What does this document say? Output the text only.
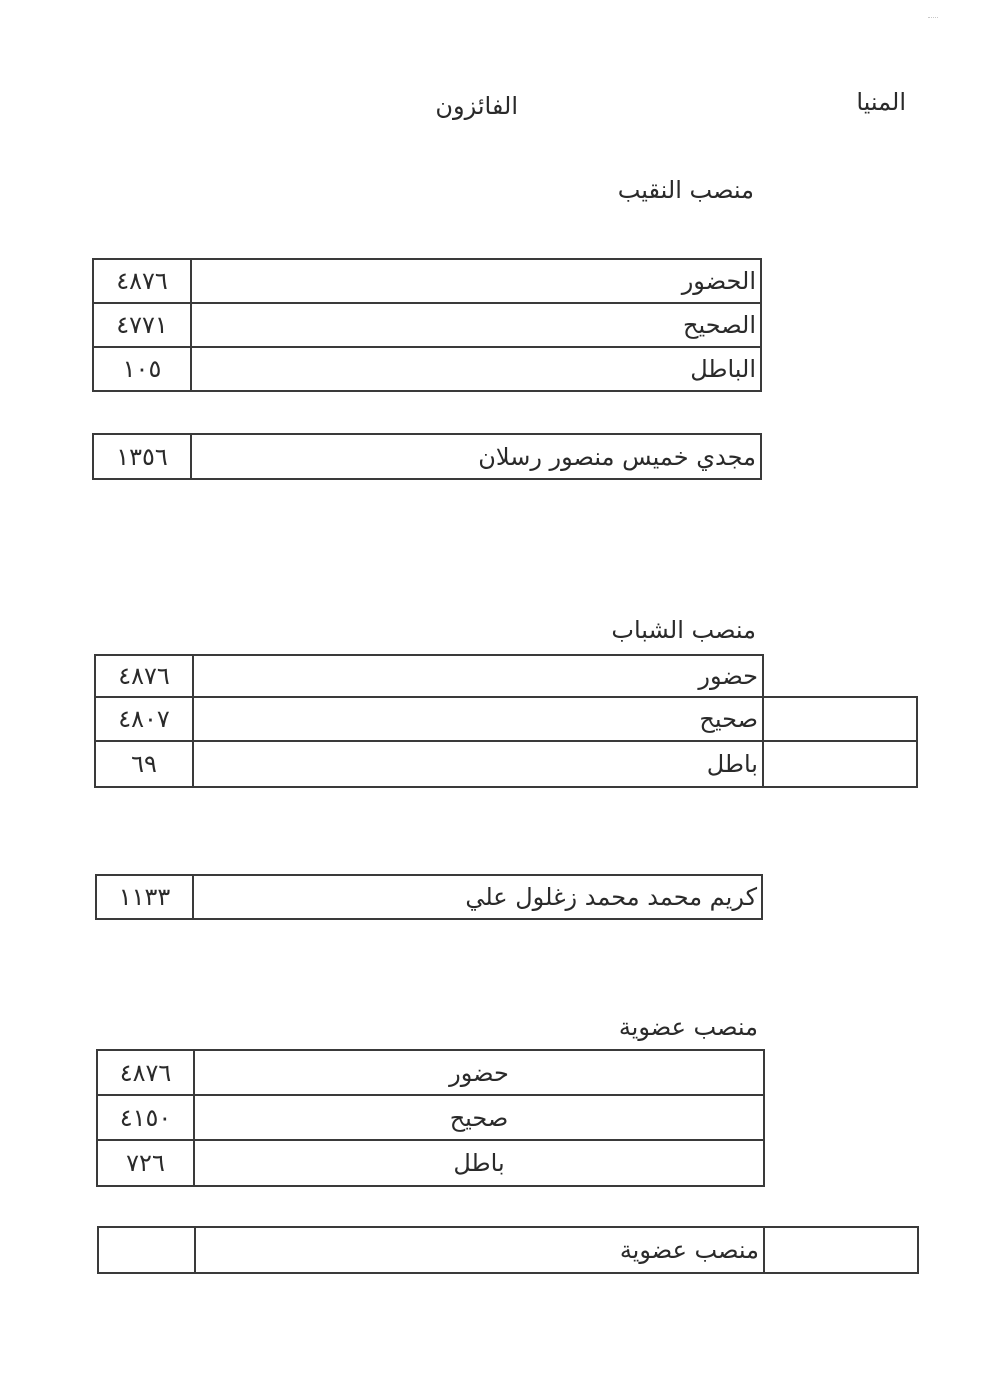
المنيا
الفائزون
منصب النقيب
٤٨٧٦	الحضور
٤٧٧١	الصحيح
١٠٥	الباطل
١٣٥٦	مجدي خميس منصور رسلان
منصب الشباب
٤٨٧٦	حضور	
٤٨٠٧	صحيح	
٦٩	باطل	
١١٣٣	كريم محمد محمد زغلول علي
منصب عضوية
٤٨٧٦	حضور
٤١٥٠	صحيح
٧٢٦	باطل
	منصب عضوية	
